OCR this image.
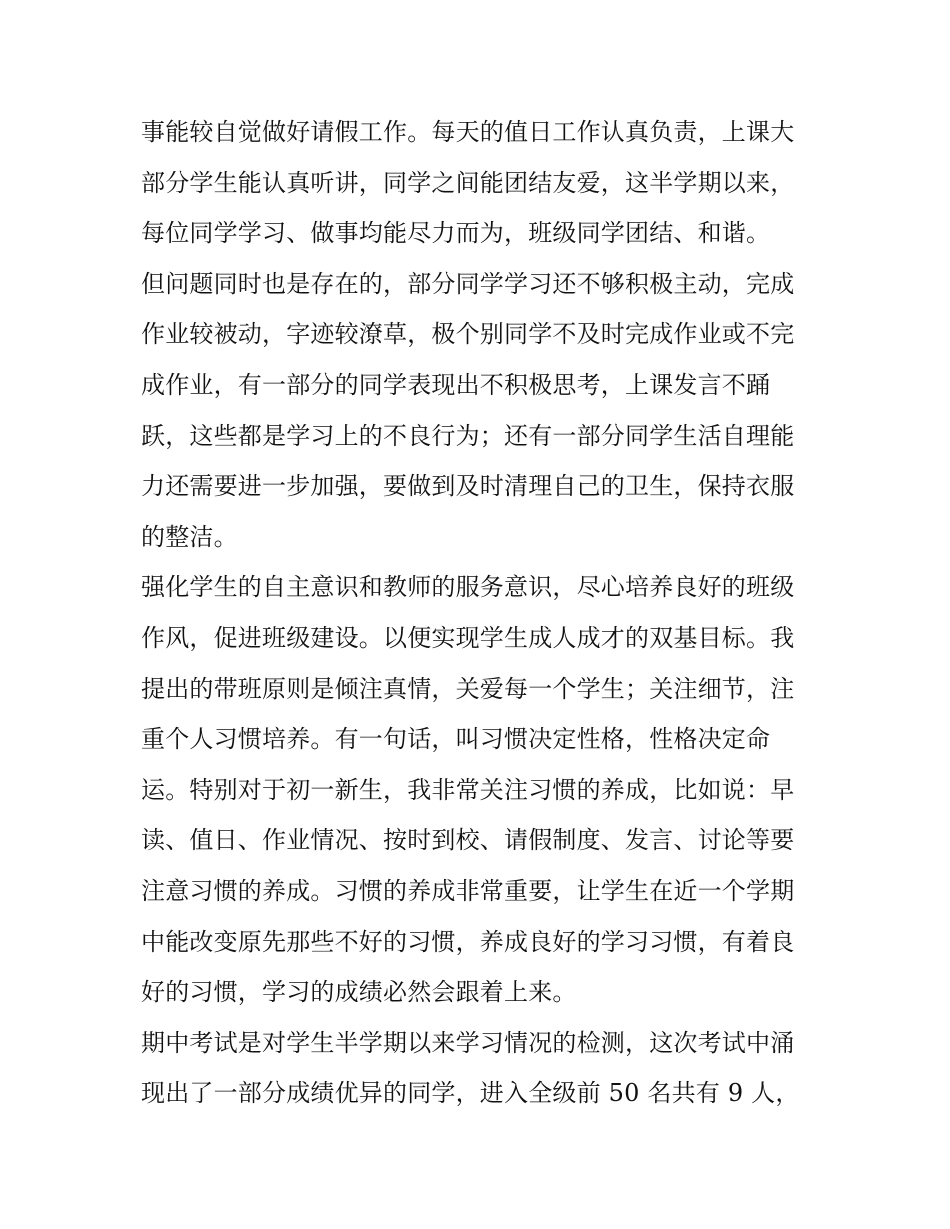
事能较自觉做好请假工作。每天的值日工作认真负责，上课大
部分学生能认真听讲，同学之间能团结友爱，这半学期以来，
每位同学学习、做事均能尽力而为，班级同学团结、和谐。
但问题同时也是存在的，部分同学学习还不够积极主动，完成
作业较被动，字迹较潦草，极个别同学不及时完成作业或不完
成作业，有一部分的同学表现出不积极思考，上课发言不踊
跃，这些都是学习上的不良行为；还有一部分同学生活自理能
力还需要进一步加强，要做到及时清理自己的卫生，保持衣服
的整洁。
强化学生的自主意识和教师的服务意识，尽心培养良好的班级
作风，促进班级建设。以便实现学生成人成才的双基目标。我
提出的带班原则是倾注真情，关爱每一个学生；关注细节，注
重个人习惯培养。有一句话，叫习惯决定性格，性格决定命
运。特别对于初一新生，我非常关注习惯的养成，比如说：早
读、值日、作业情况、按时到校、请假制度、发言、讨论等要
注意习惯的养成。习惯的养成非常重要，让学生在近一个学期
中能改变原先那些不好的习惯，养成良好的学习习惯，有着良
好的习惯，学习的成绩必然会跟着上来。
期中考试是对学生半学期以来学习情况的检测，这次考试中涌
现出了一部分成绩优异的同学，进入全级前 50 名共有 9 人，
